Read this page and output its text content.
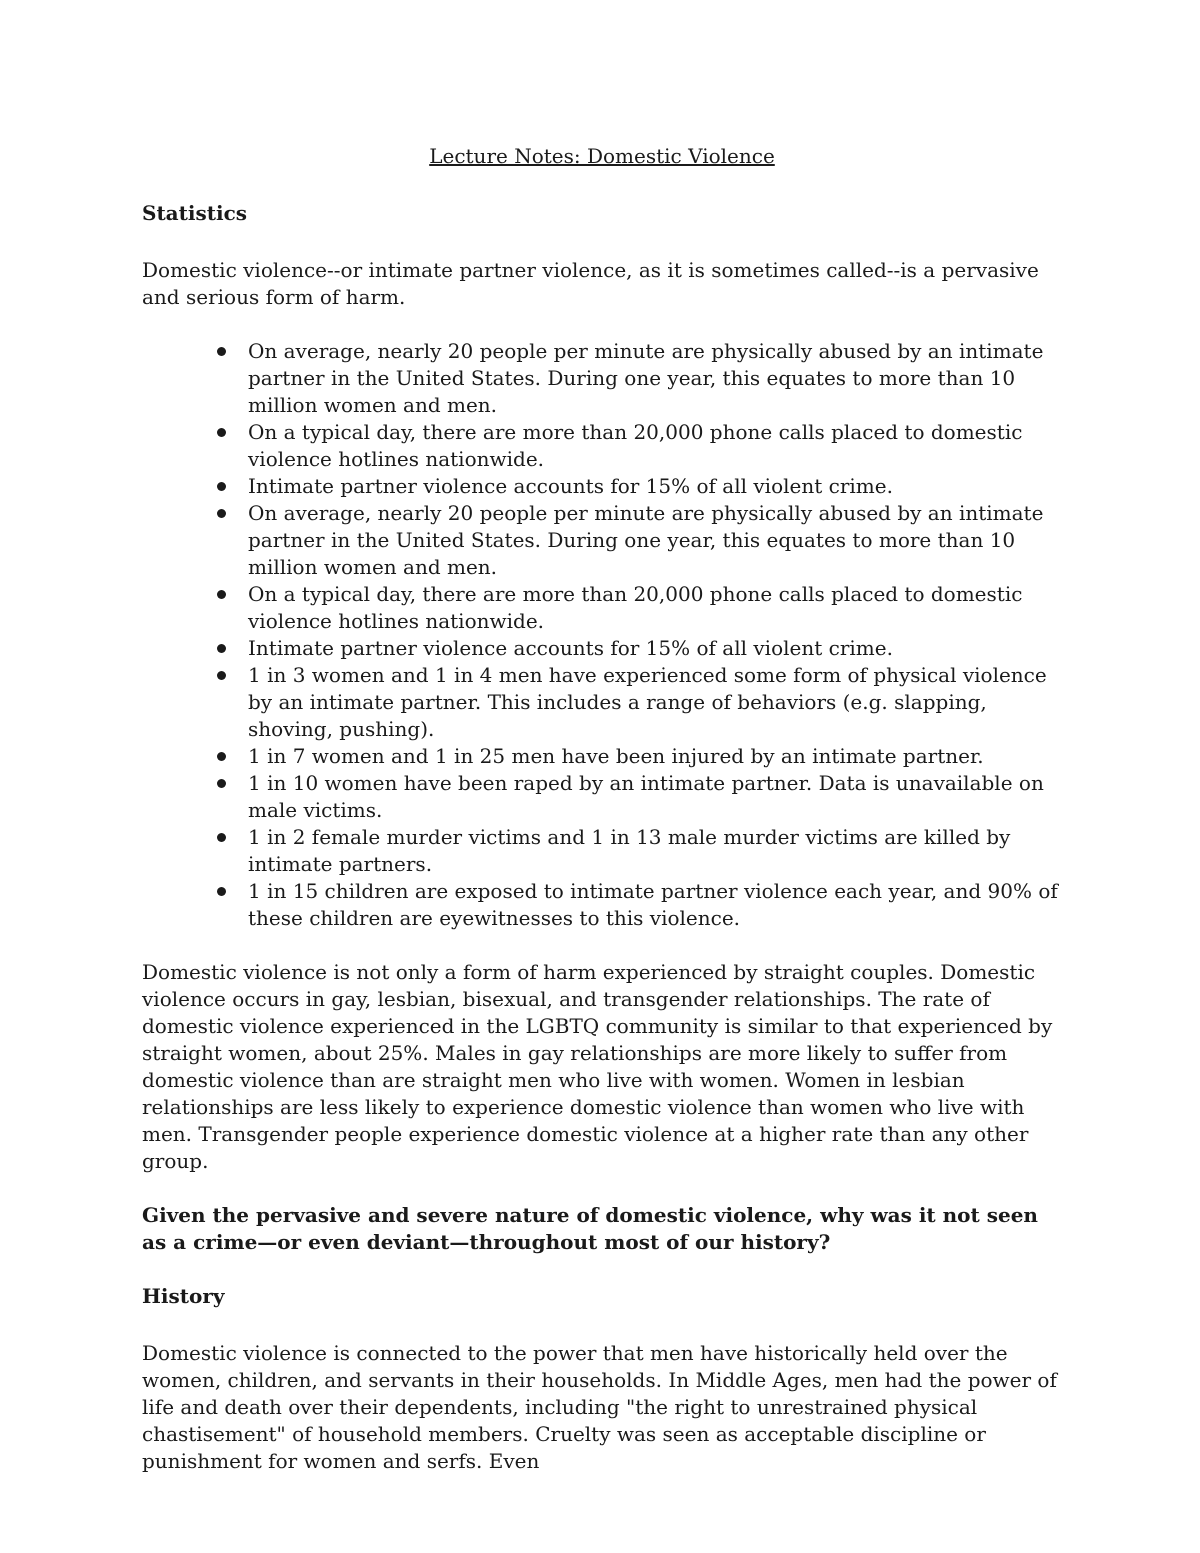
Lecture Notes: Domestic Violence
Statistics

Domestic violence--or intimate partner violence, as it is sometimes called--is a pervasive and serious form of harm.

On average, nearly 20 people per minute are physically abused by an intimate partner in the United States. During one year, this equates to more than 10 million women and men.
On a typical day, there are more than 20,000 phone calls placed to domestic violence hotlines nationwide.
Intimate partner violence accounts for 15% of all violent crime.
On average, nearly 20 people per minute are physically abused by an intimate partner in the United States. During one year, this equates to more than 10 million women and men.
On a typical day, there are more than 20,000 phone calls placed to domestic violence hotlines nationwide.
Intimate partner violence accounts for 15% of all violent crime.
1 in 3 women and 1 in 4 men have experienced some form of physical violence by an intimate partner. This includes a range of behaviors (e.g. slapping, shoving, pushing).
1 in 7 women and 1 in 25 men have been injured by an intimate partner.
1 in 10 women have been raped by an intimate partner. Data is unavailable on male victims.
1 in 2 female murder victims and 1 in 13 male murder victims are killed by intimate partners.
1 in 15 children are exposed to intimate partner violence each year, and 90% of these children are eyewitnesses to this violence.

Domestic violence is not only a form of harm experienced by straight couples. Domestic violence occurs in gay, lesbian, bisexual, and transgender relationships. The rate of domestic violence experienced in the LGBTQ community is similar to that experienced by straight women, about 25%. Males in gay relationships are more likely to suffer from domestic violence than are straight men who live with women. Women in lesbian relationships are less likely to experience domestic violence than women who live with men. Transgender people experience domestic violence at a higher rate than any other group.

Given the pervasive and severe nature of domestic violence, why was it not seen as a crime—or even deviant—throughout most of our history?

History

Domestic violence is connected to the power that men have historically held over the women, children, and servants in their households. In Middle Ages, men had the power of life and death over their dependents, including "the right to unrestrained physical chastisement" of household members. Cruelty was seen as acceptable discipline or punishment for women and serfs. Even
